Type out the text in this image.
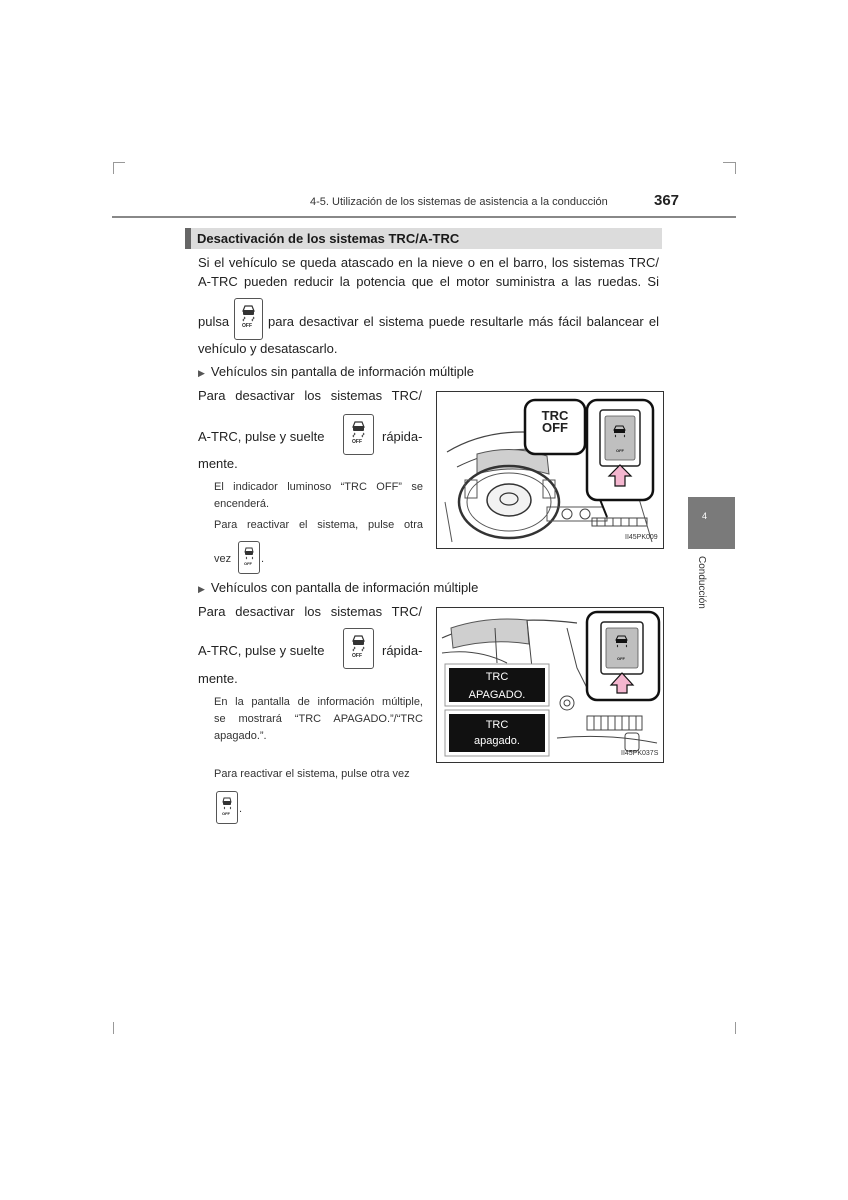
4-5. Utilización de los sistemas de asistencia a la conducción	367
Desactivación de los sistemas TRC/A-TRC
Si el vehículo se queda atascado en la nieve o en el barro, los sistemas TRC/
A-TRC pueden reducir la potencia que el motor suministra a las ruedas. Si
pulsa	OFF para desactivar el sistema puede resultarle más fácil balancear el
vehículo y desatascarlo.
▶ Vehículos sin pantalla de información múltiple
Para desactivar los sistemas TRC/
A-TRC, pulse y suelte	OFF rápida-
mente.
El indicador luminoso “TRC OFF” se
encenderá.
Para reactivar el sistema, pulse otra
vez	OFF .
TRC
OFF
OFF
II45PK009
▶ Vehículos con pantalla de información múltiple
Para desactivar los sistemas TRC/
A-TRC, pulse y suelte	OFF rápida-
mente.
En la pantalla de información múltiple,
se mostrará “TRC APAGADO.”/“TRC
apagado.”.
Para reactivar el sistema, pulse otra vez
OFF .
TRC
APAGADO.
TRC
apagado.
OFF
II45PK037S
4
Conducción
